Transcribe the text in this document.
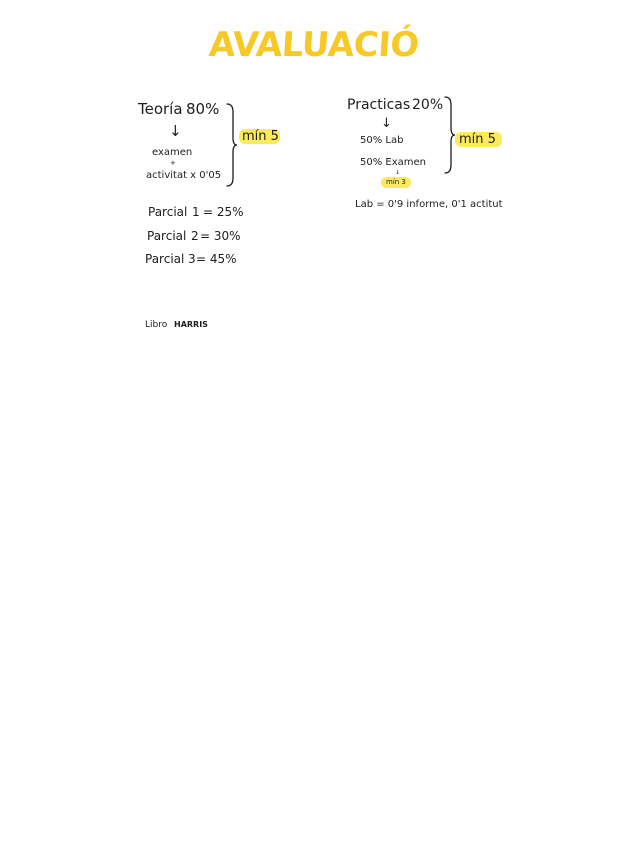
AVALUACIÓ
Teoría 80%
↓
examen
+
activitat x 0'05
mín 5
Parcial 1 = 25%
Parcial 2 = 30%
Parcial 3 = 45%
Libro HARRIS
Practicas 20%
↓
50% Lab
50% Examen
↓
mín 3
mín 5
Lab = 0'9 informe, 0'1 actitut
